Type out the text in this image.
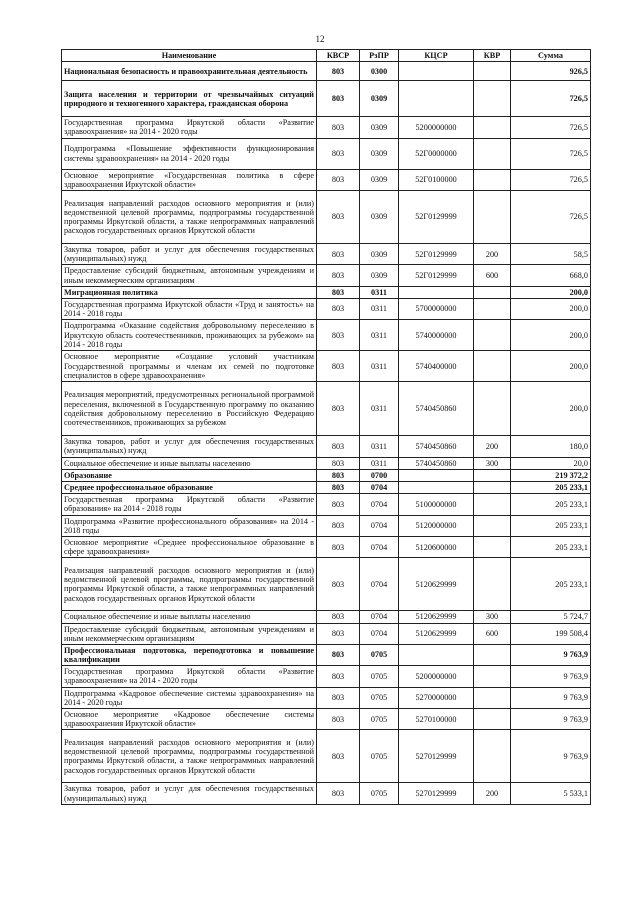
12
Наименование	КВСР	РзПР	КЦСР	КВР	Сумма
Национальная безопасность и правоохранительная деятельность	803	0300			926,5
Защита населения и территории от чрезвычайных ситуаций природного и техногенного характера, гражданская оборона	803	0309			726,5
Государственная программа Иркутской области «Развитие здравоохранения» на 2014 - 2020 годы	803	0309	5200000000		726,5
Подпрограмма «Повышение эффективности функционирования системы здравоохранения» на 2014 - 2020 годы	803	0309	52Г0000000		726,5
Основное мероприятие «Государственная политика в сфере здравоохранения Иркутской области»	803	0309	52Г0100000		726,5
Реализация направлений расходов основного мероприятия и (или) ведомственной целевой программы, подпрограммы государственной программы Иркутской области, а также непрограммных направлений расходов государственных органов Иркутской области	803	0309	52Г0129999		726,5
Закупка товаров, работ и услуг для обеспечения государственных (муниципальных) нужд	803	0309	52Г0129999	200	58,5
Предоставление субсидий бюджетным, автономным учреждениям и иным некоммерческим организациям	803	0309	52Г0129999	600	668,0
Миграционная политика	803	0311			200,0
Государственная программа Иркутской области «Труд и занятость» на 2014 - 2018 годы	803	0311	5700000000		200,0
Подпрограмма «Оказание содействия добровольному переселению в Иркутскую область соотечественников, проживающих за рубежом» на 2014 - 2018 годы	803	0311	5740000000		200,0
Основное мероприятие «Создание условий участникам Государственной программы и членам их семей по подготовке специалистов в сфере здравоохранения»	803	0311	5740400000		200,0
Реализация мероприятий, предусмотренных региональной программой переселения, включенной в Государственную программу по оказанию содействия добровольному переселению в Российскую Федерацию соотечественников, проживающих за рубежом	803	0311	5740450860		200,0
Закупка товаров, работ и услуг для обеспечения государственных (муниципальных) нужд	803	0311	5740450860	200	180,0
Социальное обеспечение и иные выплаты населению	803	0311	5740450860	300	20,0
Образование	803	0700			219 372,2
Среднее профессиональное образование	803	0704			205 233,1
Государственная программа Иркутской области «Развитие образования» на 2014 - 2018 годы	803	0704	5100000000		205 233,1
Подпрограмма «Развитие профессионального образования» на 2014 - 2018 годы	803	0704	5120000000		205 233,1
Основное мероприятие «Среднее профессиональное образование в сфере здравоохранения»	803	0704	5120600000		205 233,1
Реализация направлений расходов основного мероприятия и (или) ведомственной целевой программы, подпрограммы государственной программы Иркутской области, а также непрограммных направлений расходов государственных органов Иркутской области	803	0704	5120629999		205 233,1
Социальное обеспечение и иные выплаты населению	803	0704	5120629999	300	5 724,7
Предоставление субсидий бюджетным, автономным учреждениям и иным некоммерческим организациям	803	0704	5120629999	600	199 508,4
Профессиональная подготовка, переподготовка и повышение квалификации	803	0705			9 763,9
Государственная программа Иркутской области «Развитие здравоохранения» на 2014 - 2020 годы	803	0705	5200000000		9 763,9
Подпрограмма «Кадровое обеспечение системы здравоохранения» на 2014 - 2020 годы	803	0705	5270000000		9 763,9
Основное мероприятие «Кадровое обеспечение системы здравоохранения Иркутской области»	803	0705	5270100000		9 763,9
Реализация направлений расходов основного мероприятия и (или) ведомственной целевой программы, подпрограммы государственной программы Иркутской области, а также непрограммных направлений расходов государственных органов Иркутской области	803	0705	5270129999		9 763,9
Закупка товаров, работ и услуг для обеспечения государственных (муниципальных) нужд	803	0705	5270129999	200	5 533,1
